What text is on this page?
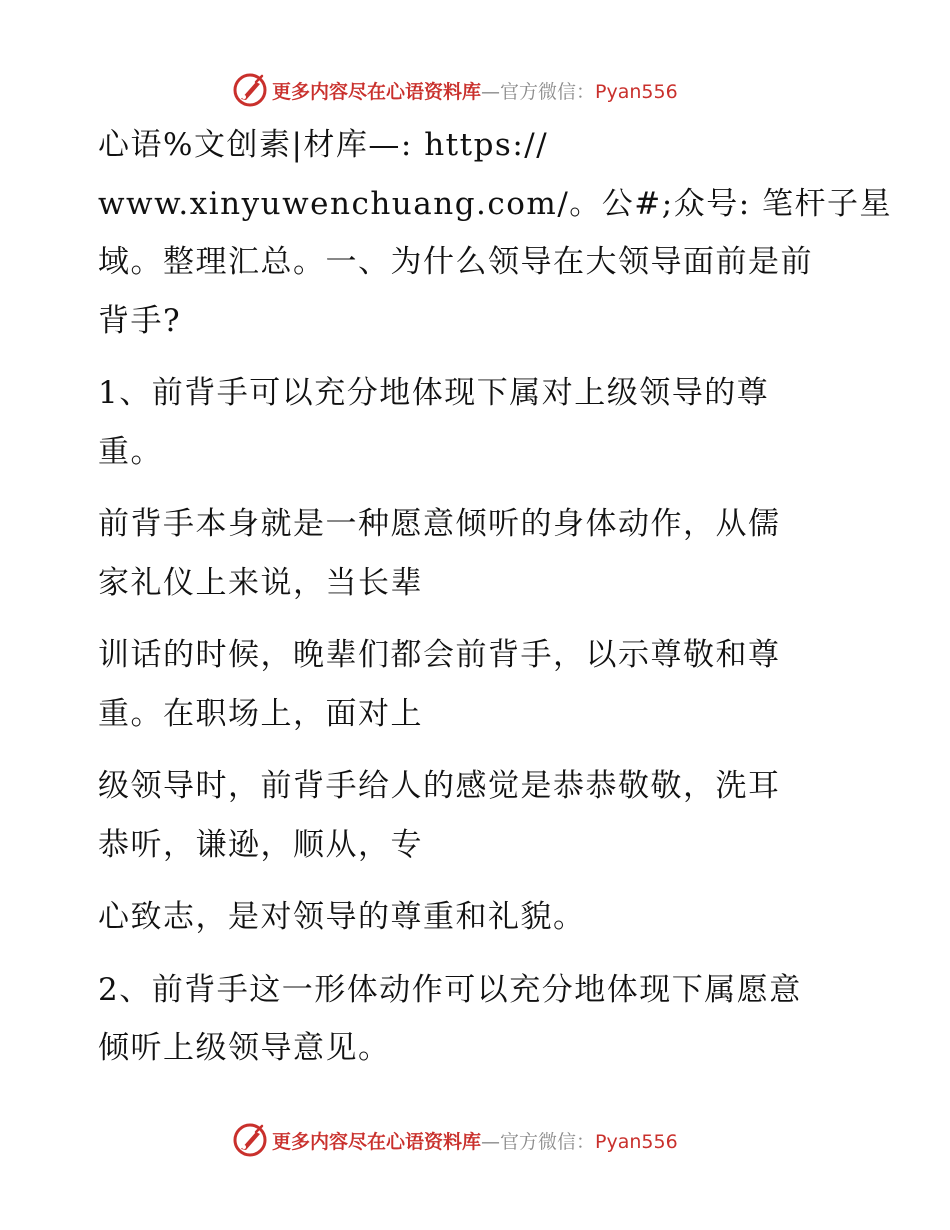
更多内容尽在心语资料库—官方微信：Pyan556

心语%文创素|材库—: https://
www.xinyuwenchuang.com/。公#;众号: 笔杆子星
域。整理汇总。一、为什么领导在大领导面前是前
背手?

1、前背手可以充分地体现下属对上级领导的尊
重。

前背手本身就是一种愿意倾听的身体动作，从儒
家礼仪上来说，当长辈

训话的时候，晚辈们都会前背手，以示尊敬和尊
重。在职场上，面对上

级领导时，前背手给人的感觉是恭恭敬敬，洗耳
恭听，谦逊，顺从，专

心致志，是对领导的尊重和礼貌。

2、前背手这一形体动作可以充分地体现下属愿意
倾听上级领导意见。

更多内容尽在心语资料库—官方微信：Pyan556
